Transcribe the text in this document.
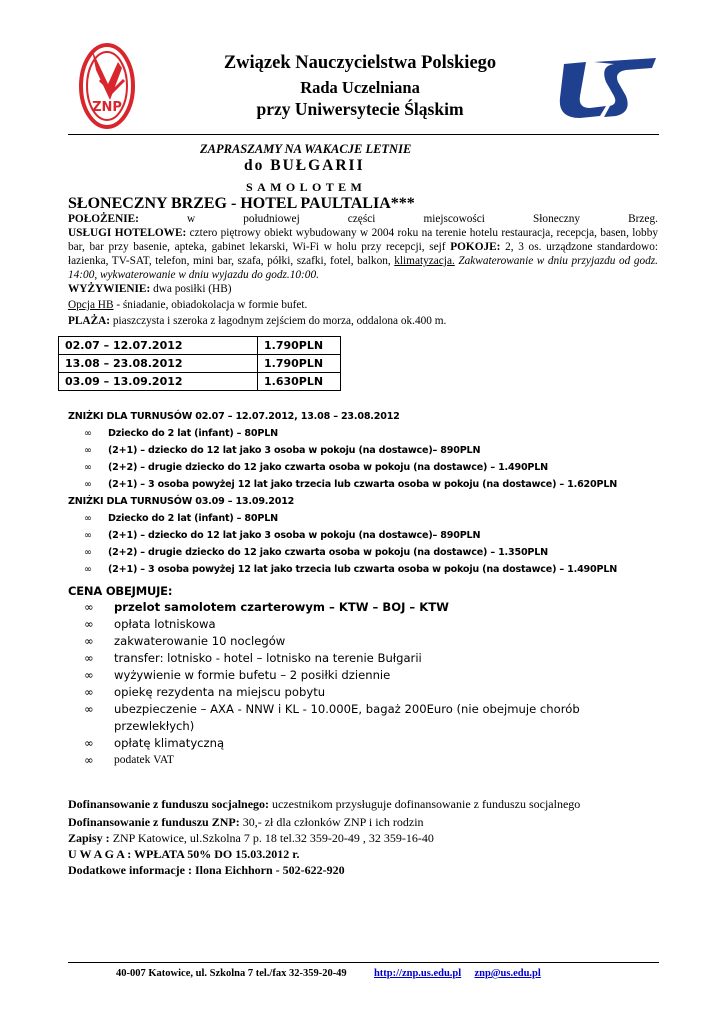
ZNP
US
Związek Nauczycielstwa Polskiego
Rada Uczelniana
przy Uniwersytecie Śląskim
ZAPRASZAMY NA WAKACJE LETNIE
do BUŁGARII
SAMOLOTEM
SŁONECZNY BRZEG - HOTEL PAULTALIA***
POŁOŻENIE:	w	południowej	części	miejscowości	Słoneczny	Brzeg.
USŁUGI HOTELOWE: cztero piętrowy obiekt wybudowany w 2004 roku na terenie hotelu restauracja, recepcja, basen, lobby bar, bar przy basenie, apteka, gabinet lekarski, Wi-Fi w holu przy recepcji, sejf POKOJE: 2, 3 os. urządzone standardowo: łazienka, TV-SAT, telefon, mini bar, szafa, półki, szafki, fotel, balkon, klimatyzacja. Zakwaterowanie w dniu przyjazdu od godz. 14:00, wykwaterowanie w dniu wyjazdu do godz.10:00.
WYŻYWIENIE: dwa posiłki (HB)
Opcja HB - śniadanie, obiadokolacja w formie bufet.
PLAŻA: piaszczysta i szeroka z łagodnym zejściem do morza, oddalona ok.400 m.
02.07 – 12.07.2012	1.790PLN
13.08 – 23.08.2012	1.790PLN
03.09 – 13.09.2012	1.630PLN
ZNIŻKI DLA TURNUSÓW 02.07 – 12.07.2012, 13.08 – 23.08.2012
∞ Dziecko do 2 lat (infant) – 80PLN
∞ (2+1) – dziecko do 12 lat jako 3 osoba w pokoju (na dostawce)– 890PLN
∞ (2+2) – drugie dziecko do 12 jako czwarta osoba w pokoju (na dostawce) – 1.490PLN
∞ (2+1) – 3 osoba powyżej 12 lat jako trzecia lub czwarta osoba w pokoju (na dostawce) – 1.620PLN
ZNIŻKI DLA TURNUSÓW 03.09 – 13.09.2012
∞ Dziecko do 2 lat (infant) – 80PLN
∞ (2+1) – dziecko do 12 lat jako 3 osoba w pokoju (na dostawce)– 890PLN
∞ (2+2) – drugie dziecko do 12 jako czwarta osoba w pokoju (na dostawce) – 1.350PLN
∞ (2+1) – 3 osoba powyżej 12 lat jako trzecia lub czwarta osoba w pokoju (na dostawce) – 1.490PLN
CENA OBEJMUJE:
∞ przelot samolotem czarterowym – KTW – BOJ – KTW
∞ opłata lotniskowa
∞ zakwaterowanie 10 noclegów
∞ transfer: lotnisko - hotel – lotnisko na terenie Bułgarii
∞ wyżywienie w formie bufetu – 2 posiłki dziennie
∞ opiekę rezydenta na miejscu pobytu
∞ ubezpieczenie – AXA - NNW i KL - 10.000E, bagaż 200Euro (nie obejmuje chorób przewlekłych)
∞ opłatę klimatyczną
∞ podatek VAT
Dofinansowanie z funduszu socjalnego: uczestnikom przysługuje dofinansowanie z funduszu socjalnego
Dofinansowanie z funduszu ZNP: 30,- zł dla członków ZNP i ich rodzin
Zapisy : ZNP Katowice, ul.Szkolna 7 p. 18 tel.32 359-20-49 , 32 359-16-40
U W A G A : WPŁATA 50% DO 15.03.2012 r.
Dodatkowe informacje : Ilona Eichhorn - 502-622-920
40-007 Katowice, ul. Szkolna 7 tel./fax 32-359-20-49	http://znp.us.edu.pl znp@us.edu.pl
